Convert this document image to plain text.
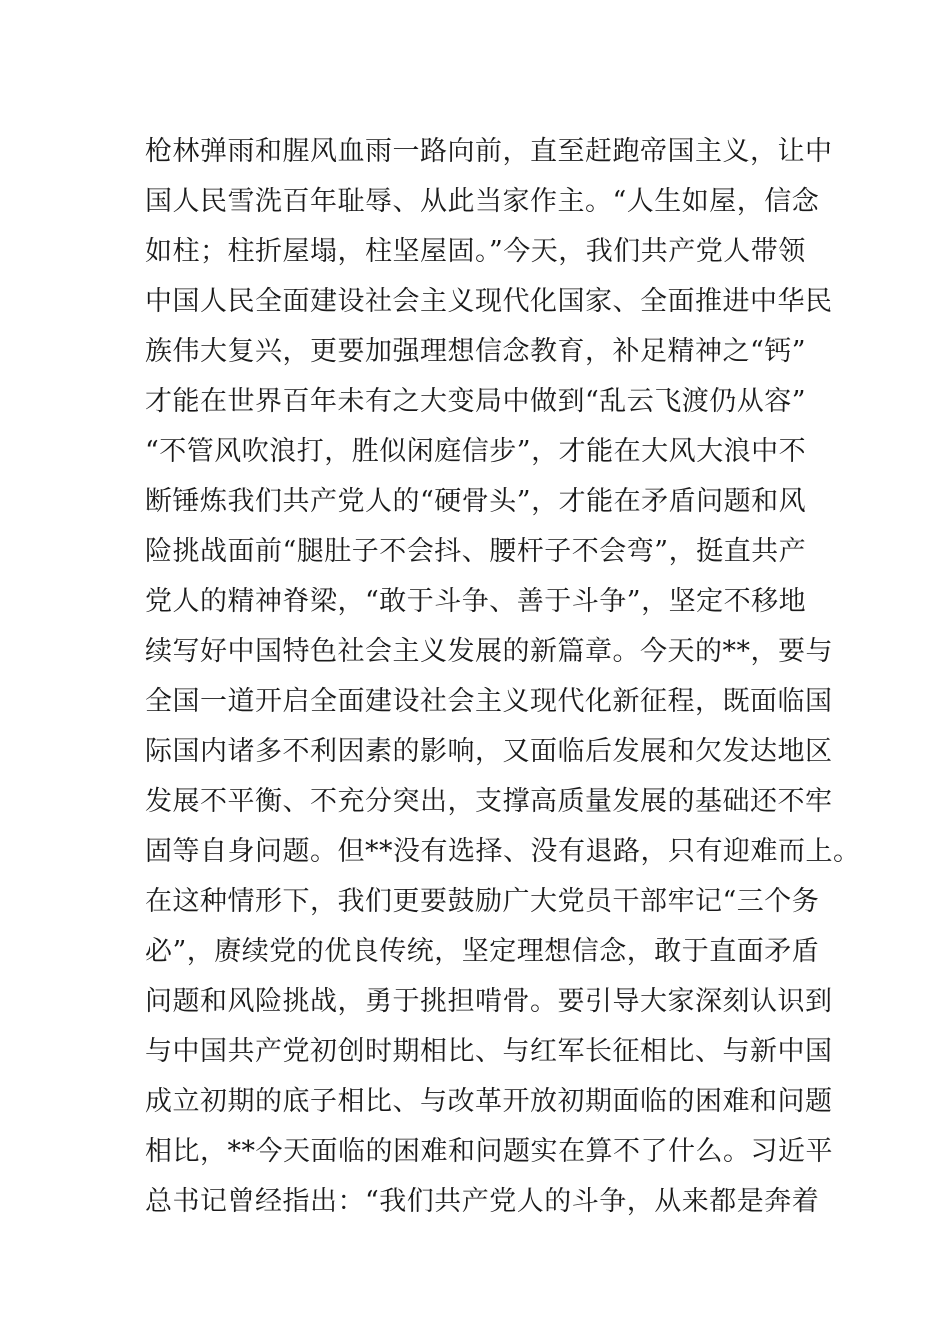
枪林弹雨和腥风血雨一路向前，直至赶跑帝国主义，让中
国人民雪洗百年耻辱、从此当家作主。“人生如屋，信念
如柱；柱折屋塌，柱坚屋固。”今天，我们共产党人带领
中国人民全面建设社会主义现代化国家、全面推进中华民
族伟大复兴，更要加强理想信念教育，补足精神之“钙”
才能在世界百年未有之大变局中做到“乱云飞渡仍从容”
“不管风吹浪打，胜似闲庭信步”，才能在大风大浪中不
断锤炼我们共产党人的“硬骨头”，才能在矛盾问题和风
险挑战面前“腿肚子不会抖、腰杆子不会弯”，挺直共产
党人的精神脊梁，“敢于斗争、善于斗争”，坚定不移地
续写好中国特色社会主义发展的新篇章。今天的**，要与
全国一道开启全面建设社会主义现代化新征程，既面临国
际国内诸多不利因素的影响，又面临后发展和欠发达地区
发展不平衡、不充分突出，支撑高质量发展的基础还不牢
固等自身问题。但**没有选择、没有退路，只有迎难而上。
在这种情形下，我们更要鼓励广大党员干部牢记“三个务
必”，赓续党的优良传统，坚定理想信念，敢于直面矛盾
问题和风险挑战，勇于挑担啃骨。要引导大家深刻认识到
与中国共产党初创时期相比、与红军长征相比、与新中国
成立初期的底子相比、与改革开放初期面临的困难和问题
相比，**今天面临的困难和问题实在算不了什么。习近平
总书记曾经指出：“我们共产党人的斗争，从来都是奔着
